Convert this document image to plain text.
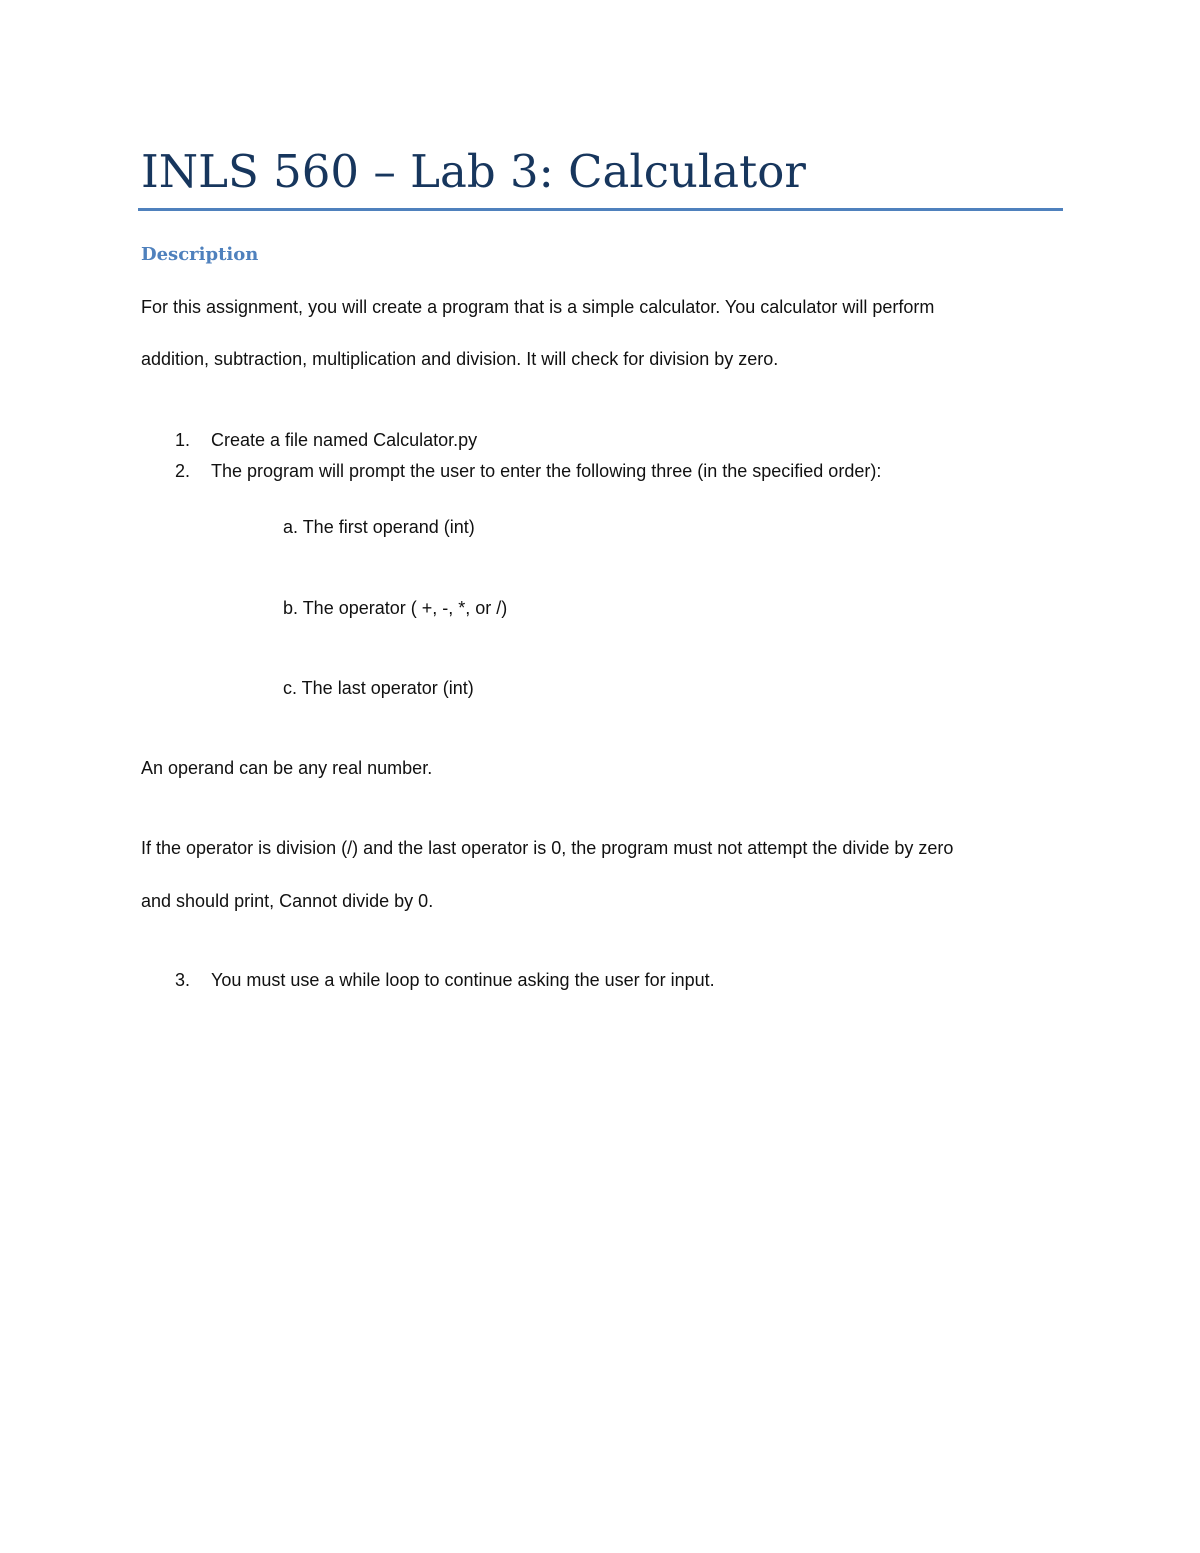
INLS 560 – Lab 3: Calculator
Description

For this assignment, you will create a program that is a simple calculator. You calculator will perform

addition, subtraction, multiplication and division. It will check for division by zero.

1. Create a file named Calculator.py
2. The program will prompt the user to enter the following three (in the specified order):

a. The first operand (int)

b. The operator ( +, -, *, or /)

c. The last operator (int)

An operand can be any real number.

If the operator is division (/) and the last operator is 0, the program must not attempt the divide by zero

and should print, Cannot divide by 0.

3. You must use a while loop to continue asking the user for input.
